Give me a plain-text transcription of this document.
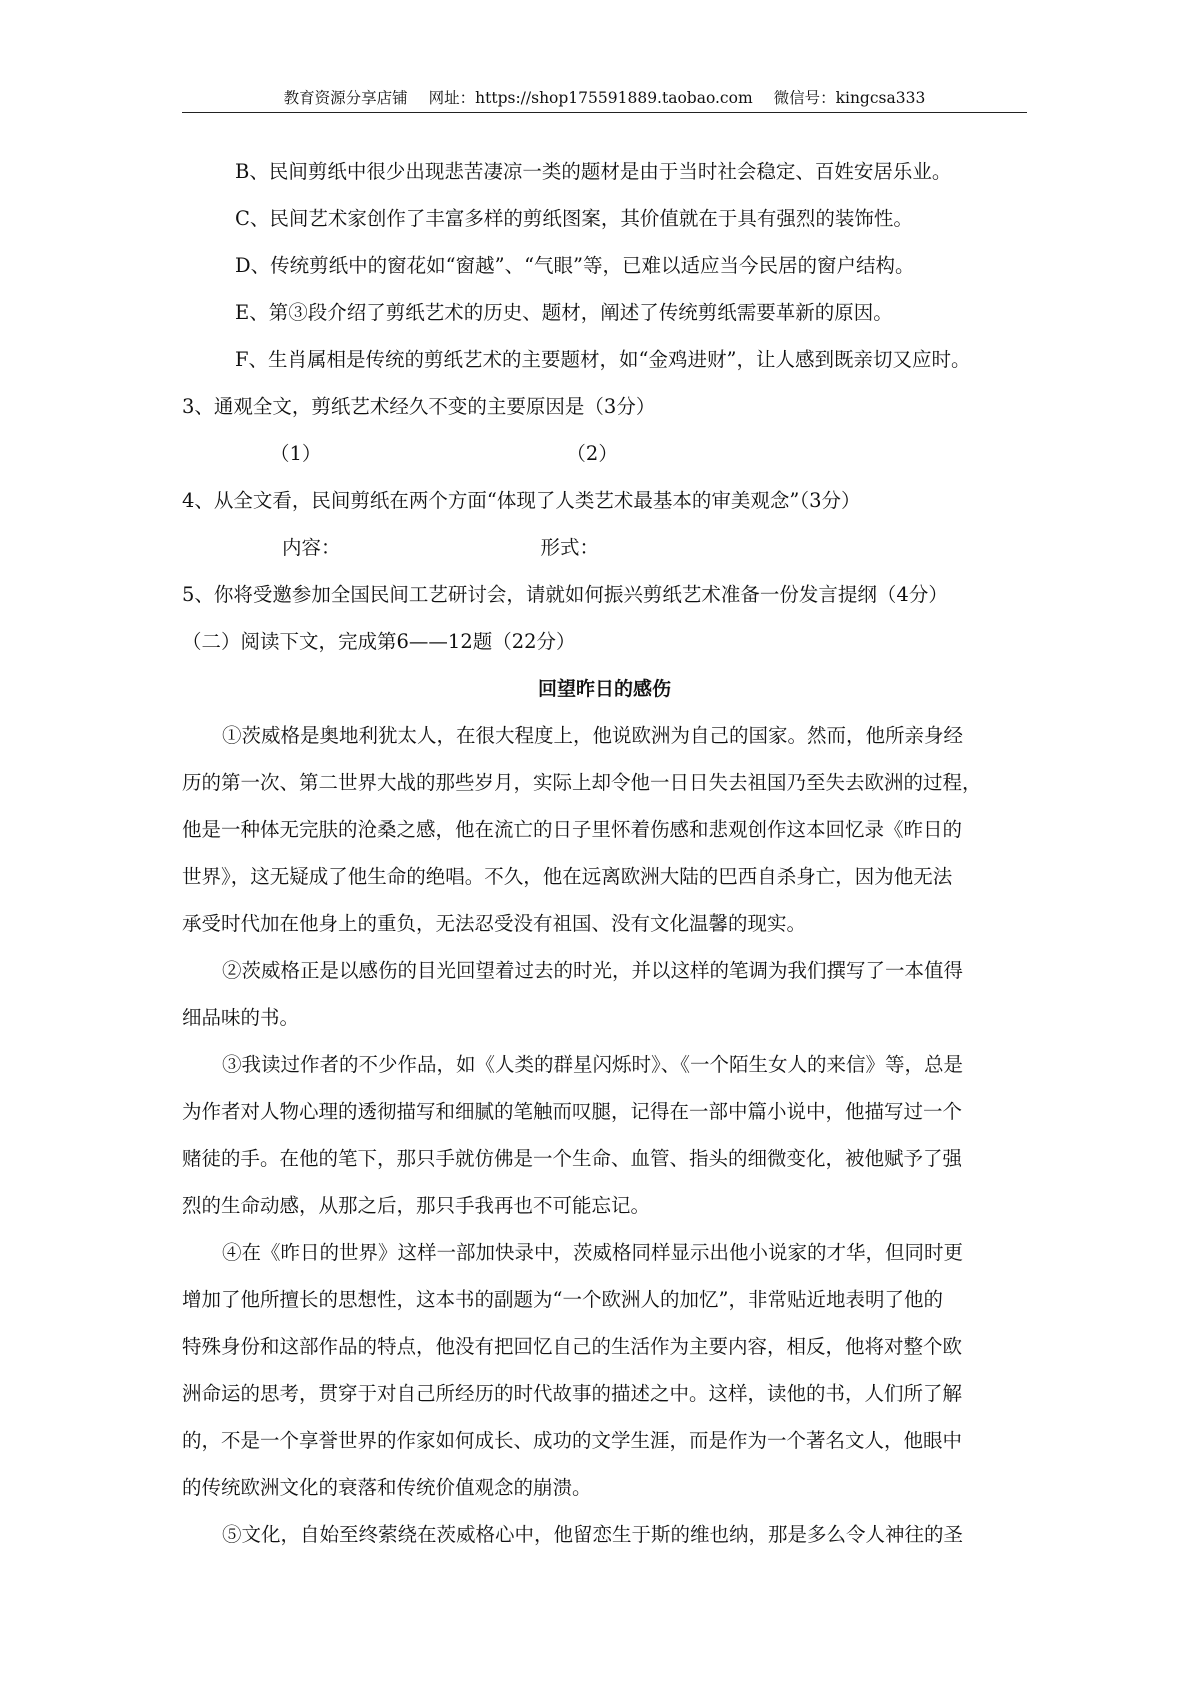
教育资源分享店铺 网址：https://shop175591889.taobao.com 微信号：kingcsa333
B、民间剪纸中很少出现悲苦凄凉一类的题材是由于当时社会稳定、百姓安居乐业。
C、民间艺术家创作了丰富多样的剪纸图案，其价值就在于具有强烈的装饰性。
D、传统剪纸中的窗花如“窗越”、“气眼”等，已难以适应当今民居的窗户结构。
E、第③段介绍了剪纸艺术的历史、题材，阐述了传统剪纸需要革新的原因。
F、生肖属相是传统的剪纸艺术的主要题材，如“金鸡进财”，让人感到既亲切又应时。
3、通观全文，剪纸艺术经久不变的主要原因是（3分）
（1）	（2）
4、从全文看，民间剪纸在两个方面“体现了人类艺术最基本的审美观念”（3分）
内容：	形式：
5、你将受邀参加全国民间工艺研讨会，请就如何振兴剪纸艺术准备一份发言提纲（4分）
（二）阅读下文，完成第6——12题（22分）
回望昨日的感伤
①茨威格是奥地利犹太人，在很大程度上，他说欧洲为自己的国家。然而，他所亲身经
历的第一次、第二世界大战的那些岁月，实际上却令他一日日失去祖国乃至失去欧洲的过程，
他是一种体无完肤的沧桑之感，他在流亡的日子里怀着伤感和悲观创作这本回忆录《昨日的
世界》，这无疑成了他生命的绝唱。不久，他在远离欧洲大陆的巴西自杀身亡，因为他无法
承受时代加在他身上的重负，无法忍受没有祖国、没有文化温馨的现实。
②茨威格正是以感伤的目光回望着过去的时光，并以这样的笔调为我们撰写了一本值得
细品味的书。
③我读过作者的不少作品，如《人类的群星闪烁时》、《一个陌生女人的来信》等，总是
为作者对人物心理的透彻描写和细腻的笔触而叹腿，记得在一部中篇小说中，他描写过一个
赌徒的手。在他的笔下，那只手就仿佛是一个生命、血管、指头的细微变化，被他赋予了强
烈的生命动感，从那之后，那只手我再也不可能忘记。
④在《昨日的世界》这样一部加快录中，茨威格同样显示出他小说家的才华，但同时更
增加了他所擅长的思想性，这本书的副题为“一个欧洲人的加忆”，非常贴近地表明了他的
特殊身份和这部作品的特点，他没有把回忆自己的生活作为主要内容，相反，他将对整个欧
洲命运的思考，贯穿于对自己所经历的时代故事的描述之中。这样，读他的书，人们所了解
的，不是一个享誉世界的作家如何成长、成功的文学生涯，而是作为一个著名文人，他眼中
的传统欧洲文化的衰落和传统价值观念的崩溃。
⑤文化，自始至终萦绕在茨威格心中，他留恋生于斯的维也纳，那是多么令人神往的圣
